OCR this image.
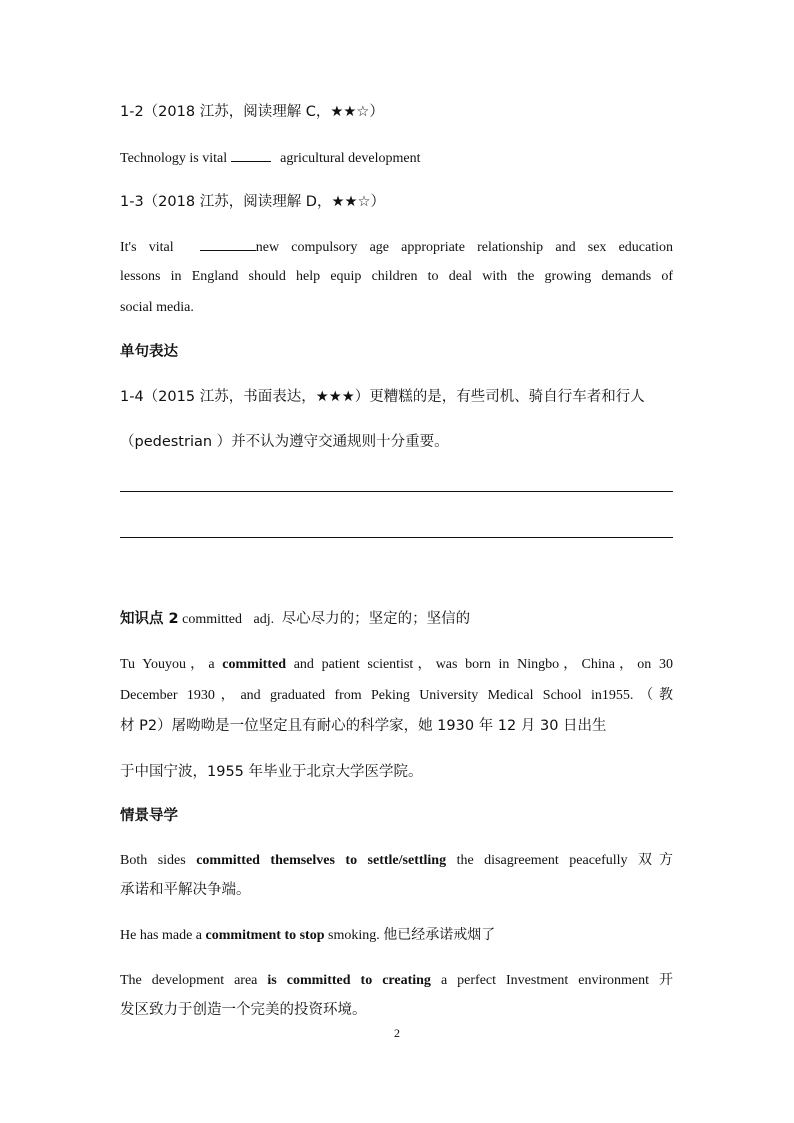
1-2（2018 江苏，阅读理解 C，★★☆）
Technology is vital	agricultural development
1-3（2018 江苏，阅读理解 D，★★☆）
It's vital	new compulsory age appropriate relationship and sex education
lessons in England should help equip children to deal with the growing demands of
social media.
单句表达
1-4（2015 江苏，书面表达，★★★）更糟糕的是，有些司机、骑自行车者和行人
（pedestrian ）并不认为遵守交通规则十分重要。
知识点 2 committed adj. 尽心尽力的；坚定的；坚信的
Tu Youyou，a committed and patient scientist，was born in Ningbo，China，on 30
December 1930，and graduated from Peking University Medical School in1955.（教
材 P2）屠呦呦是一位坚定且有耐心的科学家，她 1930 年 12 月 30 日出生
于中国宁波，1955 年毕业于北京大学医学院。
情景导学
Both sides committed themselves to settle/settling the disagreement peacefully 双方
承诺和平解决争端。
He has made a commitment to stop smoking. 他已经承诺戒烟了
The development area is committed to creating a perfect Investment environment 开
发区致力于创造一个完美的投资环境。
2
